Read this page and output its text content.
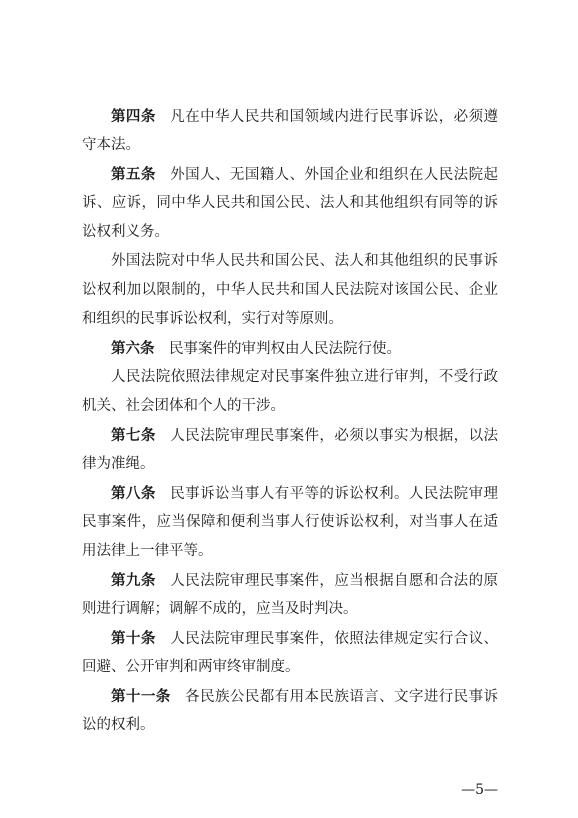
第四条 凡在中华人民共和国领域内进行民事诉讼，必须遵
守本法。
第五条 外国人、无国籍人、外国企业和组织在人民法院起
诉、应诉，同中华人民共和国公民、法人和其他组织有同等的诉
讼权利义务。
外国法院对中华人民共和国公民、法人和其他组织的民事诉
讼权利加以限制的，中华人民共和国人民法院对该国公民、企业
和组织的民事诉讼权利，实行对等原则。
第六条 民事案件的审判权由人民法院行使。
人民法院依照法律规定对民事案件独立进行审判，不受行政
机关、社会团体和个人的干涉。
第七条 人民法院审理民事案件，必须以事实为根据，以法
律为准绳。
第八条 民事诉讼当事人有平等的诉讼权利。人民法院审理
民事案件，应当保障和便利当事人行使诉讼权利，对当事人在适
用法律上一律平等。
第九条 人民法院审理民事案件，应当根据自愿和合法的原
则进行调解；调解不成的，应当及时判决。
第十条 人民法院审理民事案件，依照法律规定实行合议、
回避、公开审判和两审终审制度。
第十一条 各民族公民都有用本民族语言、文字进行民事诉
讼的权利。
—5—
